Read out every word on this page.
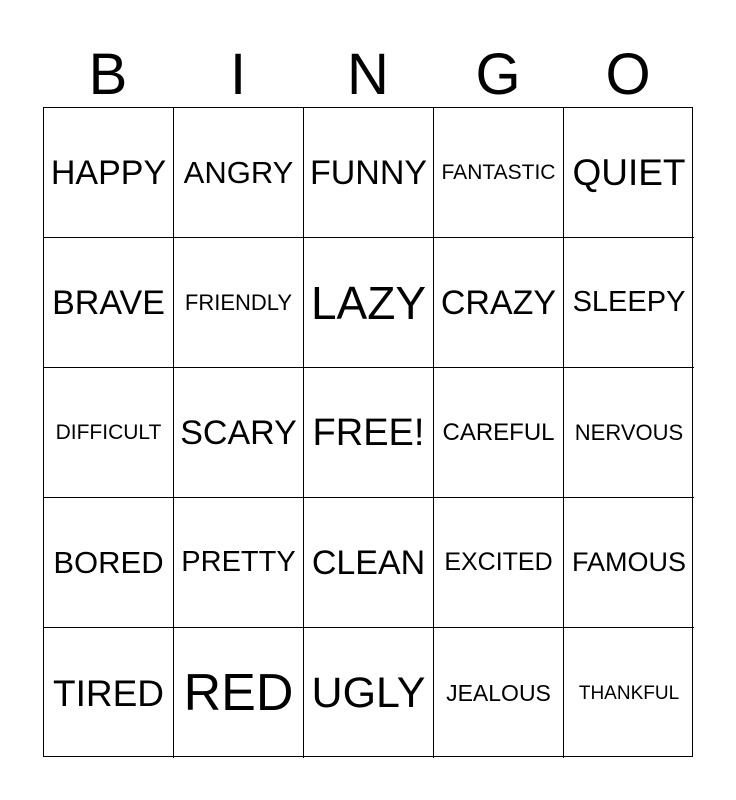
B	I	N	G	O
HAPPY ANGRY FUNNY FANTASTIC QUIET
BRAVE FRIENDLY LAZY CRAZY SLEEPY
DIFFICULT SCARY FREE! CAREFUL NERVOUS
BORED PRETTY CLEAN EXCITED FAMOUS
TIRED RED UGLY JEALOUS	THANKFUL
